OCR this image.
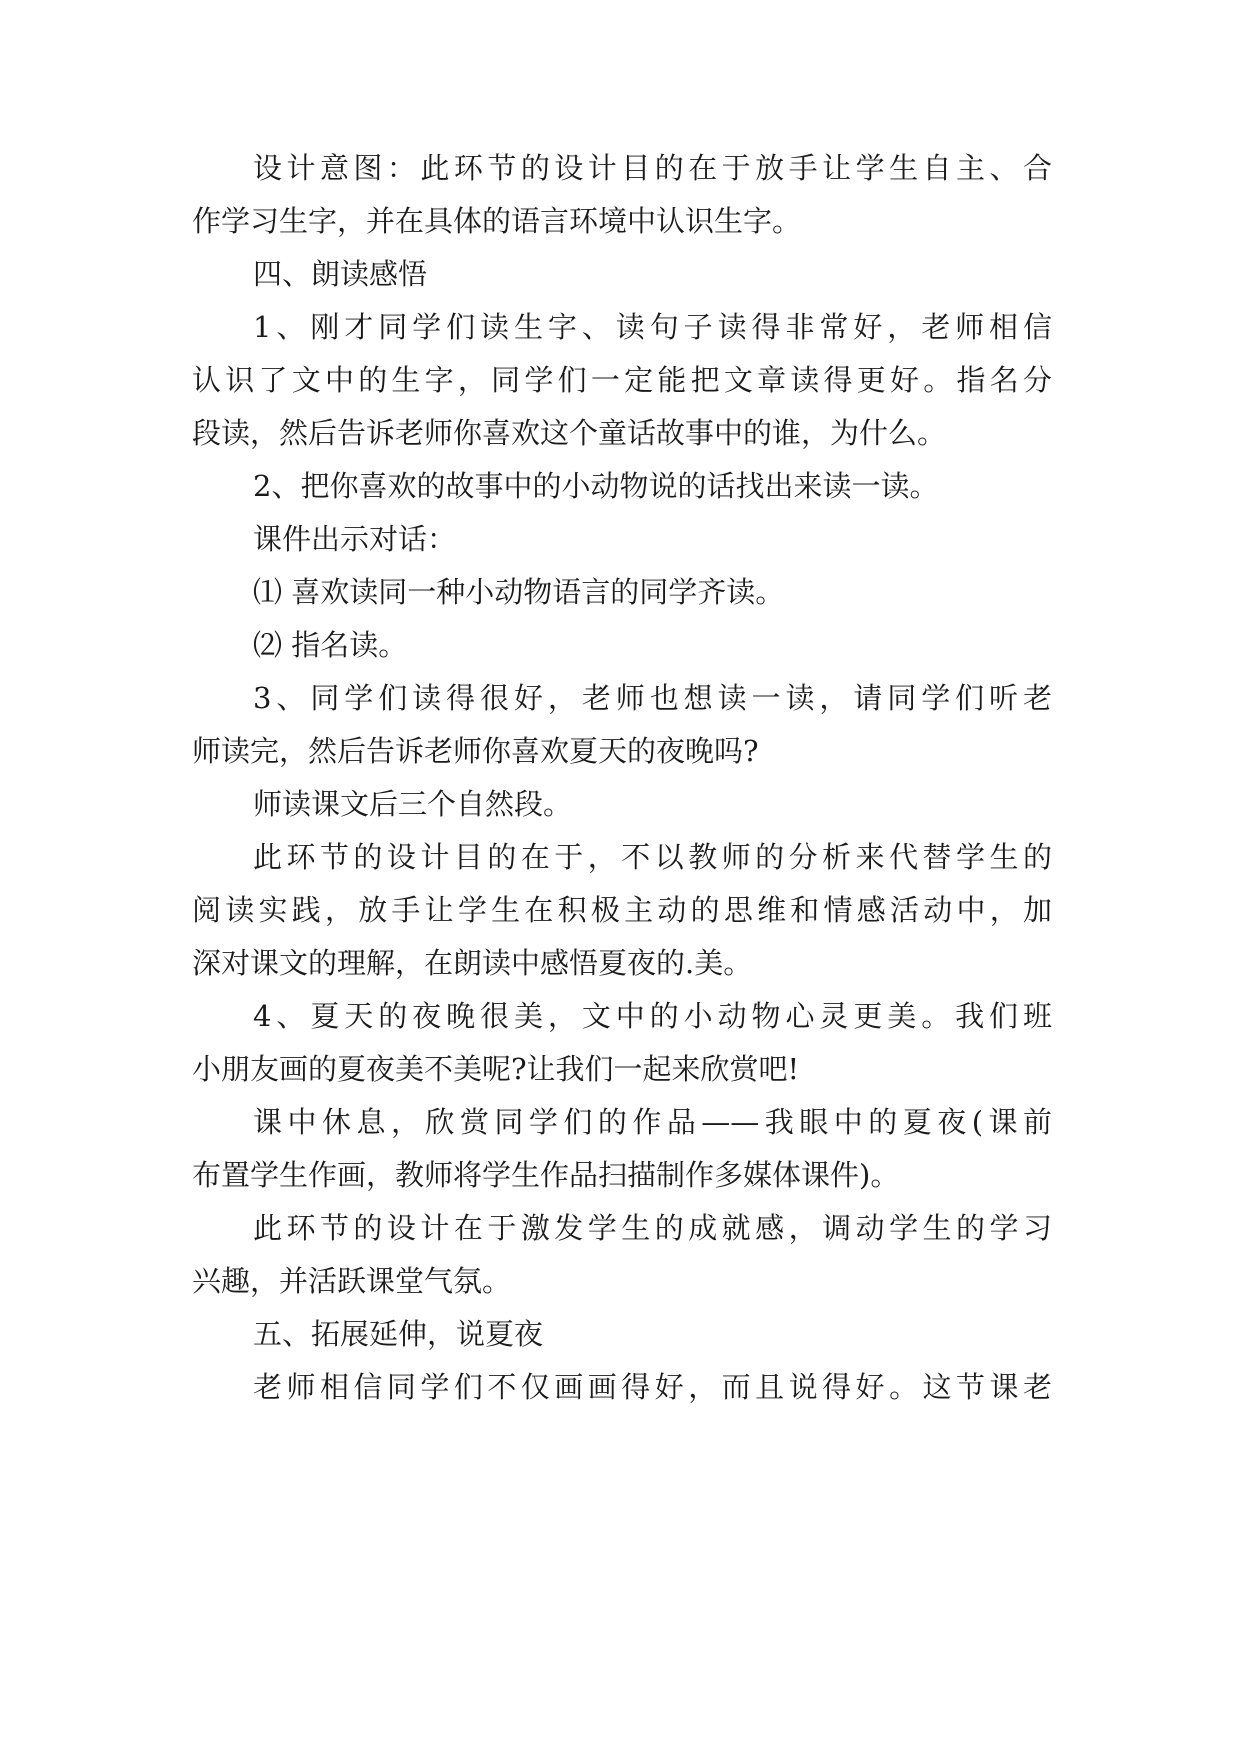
设计意图：此环节的设计目的在于放手让学生自主、合
作学习生字，并在具体的语言环境中认识生字。
四、朗读感悟
1、刚才同学们读生字、读句子读得非常好，老师相信
认识了文中的生字，同学们一定能把文章读得更好。指名分
段读，然后告诉老师你喜欢这个童话故事中的谁，为什么。
2、把你喜欢的故事中的小动物说的话找出来读一读。
课件出示对话：
⑴ 喜欢读同一种小动物语言的同学齐读。
⑵ 指名读。
3、同学们读得很好，老师也想读一读，请同学们听老
师读完，然后告诉老师你喜欢夏天的夜晚吗?
师读课文后三个自然段。
此环节的设计目的在于，不以教师的分析来代替学生的
阅读实践，放手让学生在积极主动的思维和情感活动中，加
深对课文的理解，在朗读中感悟夏夜的.美。
4、夏天的夜晚很美，文中的小动物心灵更美。我们班
小朋友画的夏夜美不美呢?让我们一起来欣赏吧!
课中休息，欣赏同学们的作品——我眼中的夏夜(课前
布置学生作画，教师将学生作品扫描制作多媒体课件)。
此环节的设计在于激发学生的成就感，调动学生的学习
兴趣，并活跃课堂气氛。
五、拓展延伸，说夏夜
老师相信同学们不仅画画得好，而且说得好。这节课老
